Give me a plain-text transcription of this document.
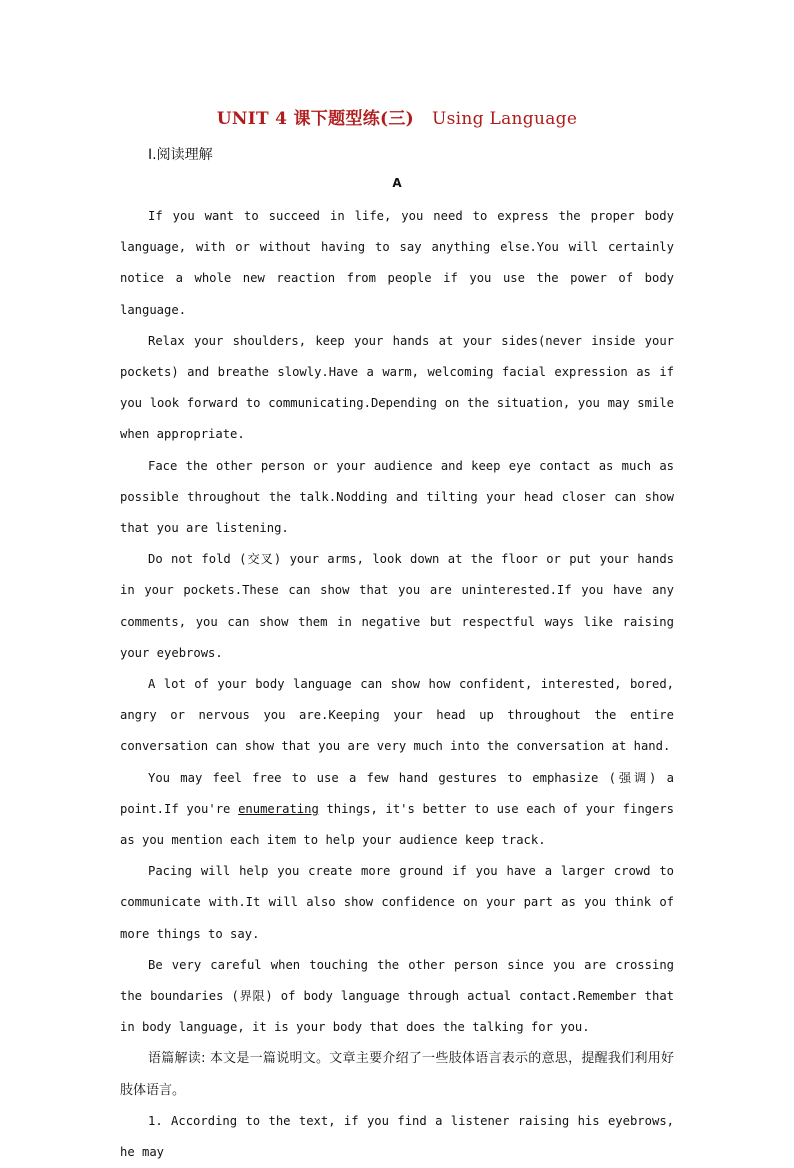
UNIT 4 课下题型练(三) Using Language
Ⅰ.阅读理解
A

If you want to succeed in life, you need to express the proper body language, with or without having to say anything else.You will certainly notice a whole new reaction from people if you use the power of body language.

Relax your shoulders, keep your hands at your sides(never inside your pockets) and breathe slowly.Have a warm, welcoming facial expression as if you look forward to communicating.Depending on the situation, you may smile when appropriate.

Face the other person or your audience and keep eye contact as much as possible throughout the talk.Nodding and tilting your head closer can show that you are listening.

Do not fold (交叉) your arms, look down at the floor or put your hands in your pockets.These can show that you are uninterested.If you have any comments, you can show them in negative but respectful ways like raising your eyebrows.

A lot of your body language can show how confident, interested, bored, angry or nervous you are.Keeping your head up throughout the entire conversation can show that you are very much into the conversation at hand.

You may feel free to use a few hand gestures to emphasize (强调) a point.If you're enumerating things, it's better to use each of your fingers as you mention each item to help your audience keep track.

Pacing will help you create more ground if you have a larger crowd to communicate with.It will also show confidence on your part as you think of more things to say.

Be very careful when touching the other person since you are crossing the boundaries (界限) of body language through actual contact.Remember that in body language, it is your body that does the talking for you.

语篇解读: 本文是一篇说明文。文章主要介绍了一些肢体语言表示的意思，提醒我们利用好肢体语言。

1. According to the text, if you find a listener raising his eyebrows, he may
